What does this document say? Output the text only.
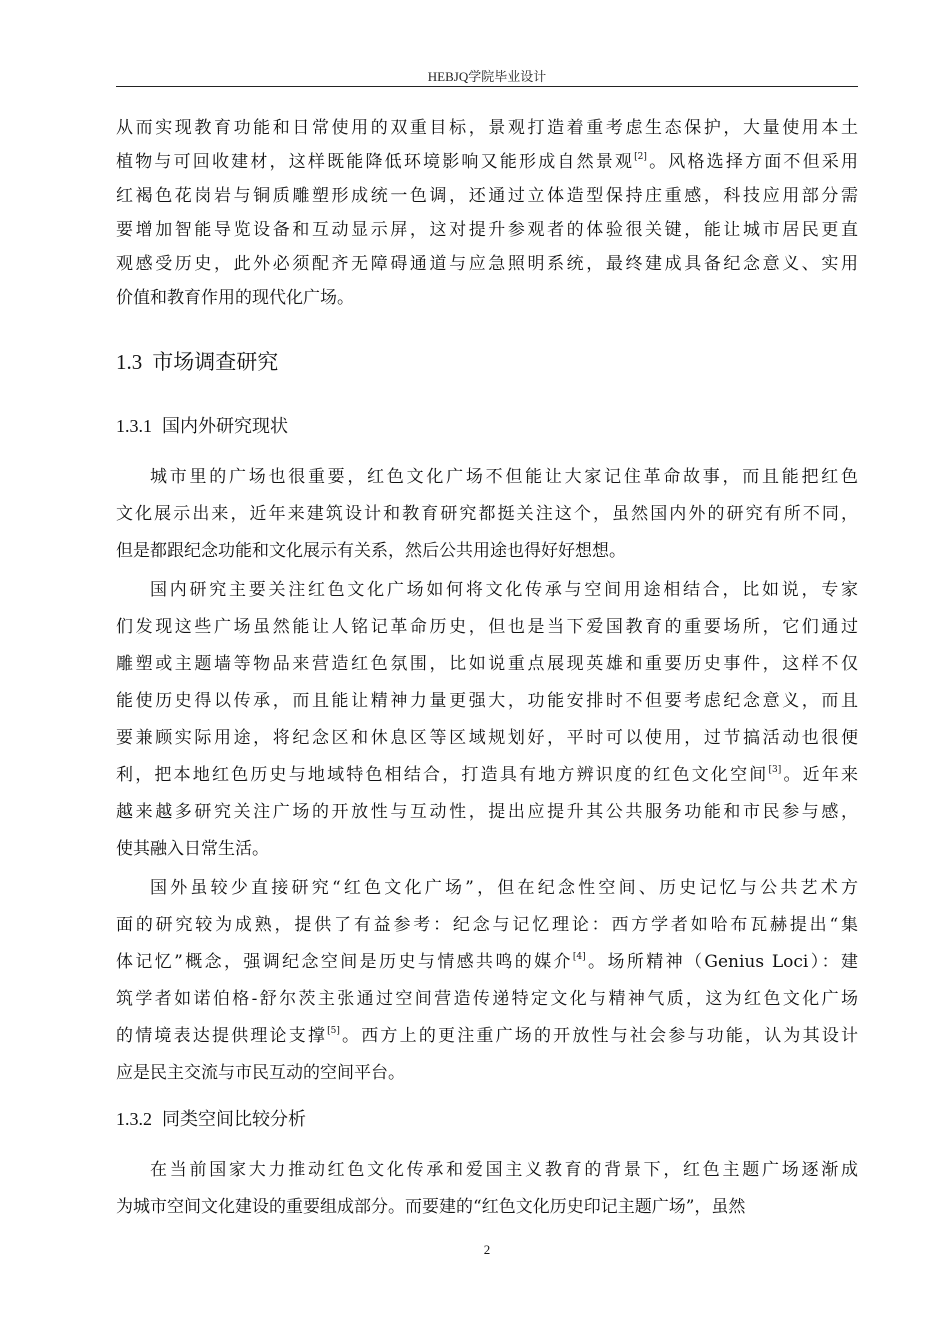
HEBJQ学院毕业设计
从而实现教育功能和日常使用的双重目标，景观打造着重考虑生态保护，大量使用本土
植物与可回收建材，这样既能降低环境影响又能形成自然景观[2]。风格选择方面不但采用
红褐色花岗岩与铜质雕塑形成统一色调，还通过立体造型保持庄重感，科技应用部分需
要增加智能导览设备和互动显示屏，这对提升参观者的体验很关键，能让城市居民更直
观感受历史，此外必须配齐无障碍通道与应急照明系统，最终建成具备纪念意义、实用
价值和教育作用的现代化广场。
1.3 市场调查研究
1.3.1 国内外研究现状
城市里的广场也很重要，红色文化广场不但能让大家记住革命故事，而且能把红色
文化展示出来，近年来建筑设计和教育研究都挺关注这个，虽然国内外的研究有所不同，
但是都跟纪念功能和文化展示有关系，然后公共用途也得好好想想。
国内研究主要关注红色文化广场如何将文化传承与空间用途相结合，比如说，专家
们发现这些广场虽然能让人铭记革命历史，但也是当下爱国教育的重要场所，它们通过
雕塑或主题墙等物品来营造红色氛围，比如说重点展现英雄和重要历史事件，这样不仅
能使历史得以传承，而且能让精神力量更强大，功能安排时不但要考虑纪念意义，而且
要兼顾实际用途，将纪念区和休息区等区域规划好，平时可以使用，过节搞活动也很便
利，把本地红色历史与地域特色相结合，打造具有地方辨识度的红色文化空间[3]。近年来
越来越多研究关注广场的开放性与互动性，提出应提升其公共服务功能和市民参与感，
使其融入日常生活。
国外虽较少直接研究“红色文化广场”，但在纪念性空间、历史记忆与公共艺术方
面的研究较为成熟，提供了有益参考：纪念与记忆理论：西方学者如哈布瓦赫提出“集
体记忆”概念，强调纪念空间是历史与情感共鸣的媒介[4]。场所精神（Genius Loci）：建
筑学者如诺伯格-舒尔茨主张通过空间营造传递特定文化与精神气质，这为红色文化广场
的情境表达提供理论支撑[5]。西方上的更注重广场的开放性与社会参与功能，认为其设计
应是民主交流与市民互动的空间平台。
1.3.2 同类空间比较分析
在当前国家大力推动红色文化传承和爱国主义教育的背景下，红色主题广场逐渐成
为城市空间文化建设的重要组成部分。而要建的“红色文化历史印记主题广场”，虽然
2
